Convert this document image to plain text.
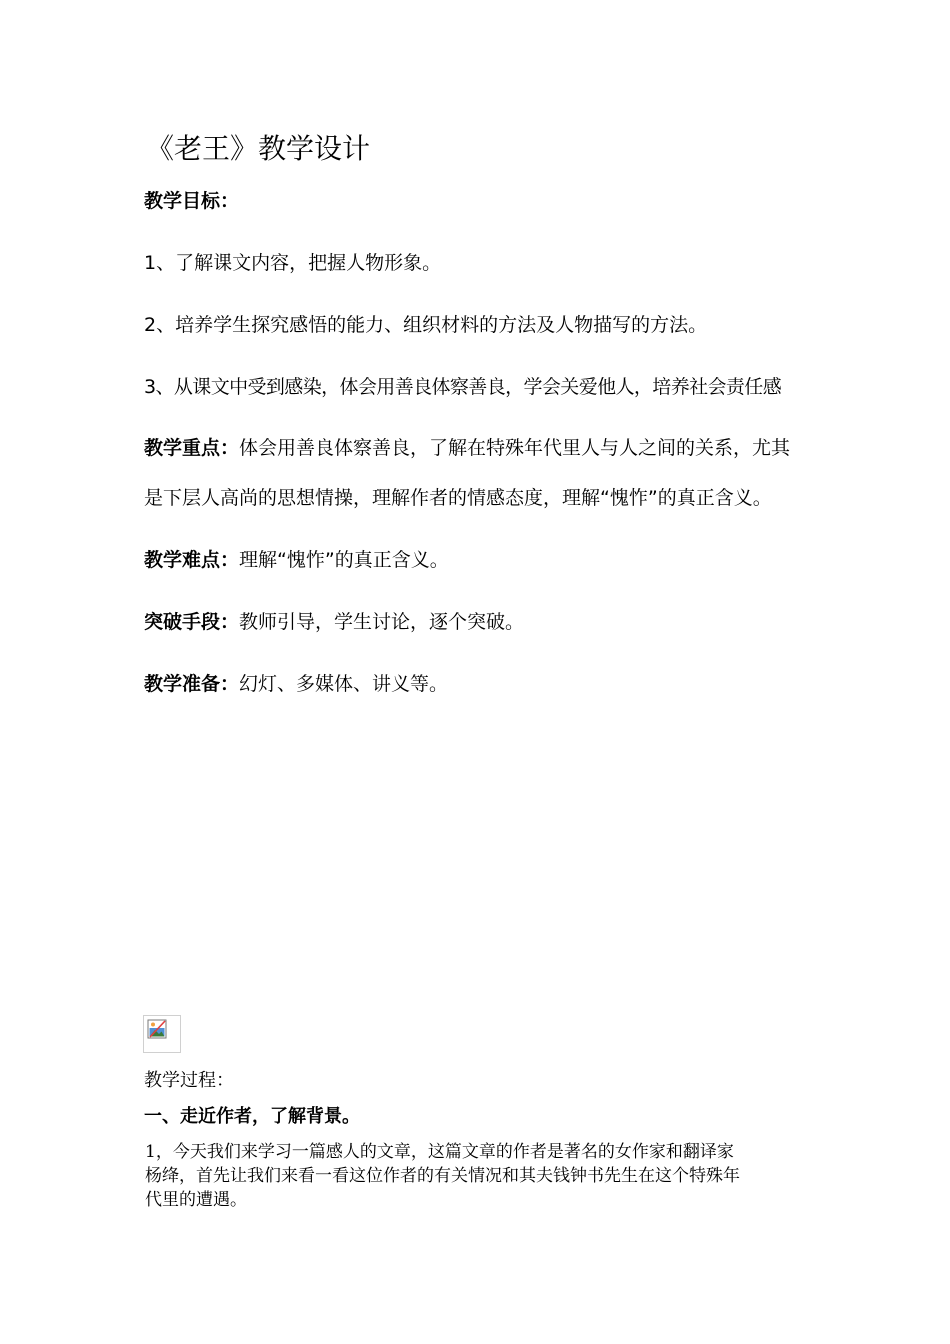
《老王》教学设计
教学目标：
1、了解课文内容，把握人物形象。
2、培养学生探究感悟的能力、组织材料的方法及人物描写的方法。
3、从课文中受到感染，体会用善良体察善良，学会关爱他人，培养社会责任感
教学重点：体会用善良体察善良，了解在特殊年代里人与人之间的关系，尤其
是下层人高尚的思想情操，理解作者的情感态度，理解“愧怍”的真正含义。
教学难点：理解“愧怍”的真正含义。
突破手段：教师引导，学生讨论，逐个突破。
教学准备：幻灯、多媒体、讲义等。
教学过程：
一、走近作者，了解背景。
1，今天我们来学习一篇感人的文章，这篇文章的作者是著名的女作家和翻译家
杨绛，首先让我们来看一看这位作者的有关情况和其夫钱钟书先生在这个特殊年
代里的遭遇。
